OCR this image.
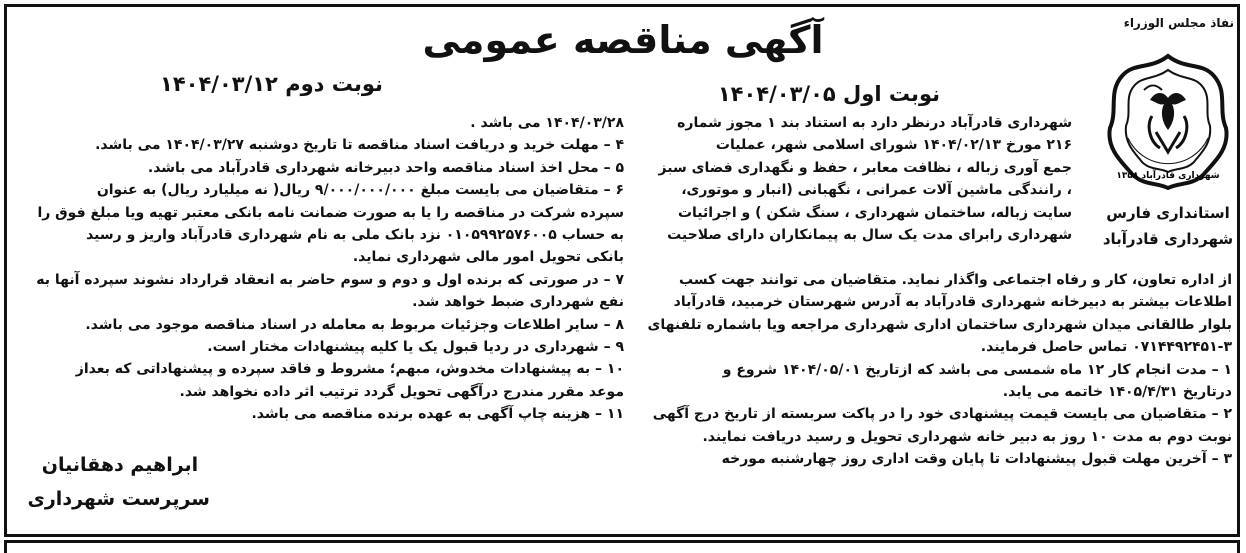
آگهی مناقصه عمومی
نوبت اول ۱۴۰۴/۰۳/۰۵
نوبت دوم ۱۴۰۴/۰۳/۱۲
نفاذ مجلس الوزراء
شهرداری قادرآباد ۱۳۵۸
استانداری فارس
شهرداری قادرآباد
شهرداری قادرآباد درنظر دارد به استناد بند ۱ مجوز شماره
۲۱۶ مورخ ۱۴۰۴/۰۲/۱۳ شورای اسلامی شهر، عملیات
جمع آوری زباله ، نظافت معابر ، حفظ و نگهداری فضای سبز
، رانندگی ماشین آلات عمرانی ، نگهبانی (انبار و موتوری،
سایت زباله، ساختمان شهرداری ، سنگ شکن ) و اجرائیات
شهرداری رابرای مدت یک سال به پیمانکاران دارای صلاحیت
از اداره تعاون، کار و رفاه اجتماعی واگذار نماید. متقاضیان می توانند جهت کسب
اطلاعات بیشتر به دبیرخانه شهرداری قادرآباد به آدرس شهرستان خرمبید، قادرآباد
بلوار طالقانی میدان شهرداری ساختمان اداری شهرداری مراجعه ویا باشماره تلفنهای
۰۷۱۴۴۹۲۴۵۱-۳ تماس حاصل فرمایند.
۱ – مدت انجام کار ۱۲ ماه شمسی می باشد که ازتاریخ ۱۴۰۴/۰۵/۰۱ شروع و
درتاریخ ۱۴۰۵/۴/۳۱ خاتمه می یابد.
۲ – متقاضیان می بایست قیمت پیشنهادی خود را در پاکت سربسته از تاریخ درج آگهی
نوبت دوم به مدت ۱۰ روز به دبیر خانه شهرداری تحویل و رسید دریافت نمایند.
۳ – آخرین مهلت قبول پیشنهادات تا پایان وقت اداری روز چهارشنبه مورخه
۱۴۰۴/۰۳/۲۸ می باشد .
۴ – مهلت خرید و دریافت اسناد مناقصه تا تاریخ دوشنبه ۱۴۰۴/۰۳/۲۷ می باشد.
۵ – محل اخذ اسناد مناقصه واحد دبیرخانه شهرداری قادرآباد می باشد.
۶ – متقاضیان می بایست مبلغ ۹/۰۰۰/۰۰۰/۰۰۰ ریال( نه میلیارد ریال) به عنوان
سپرده شرکت در مناقصه را یا به صورت ضمانت نامه بانکی معتبر تهیه ویا مبلغ فوق را
به حساب ۰۱۰۵۹۹۲۵۷۶۰۰۵ نزد بانک ملی به نام شهرداری قادرآباد واریز و رسید
بانکی تحویل امور مالی شهرداری نماید.
۷ – در صورتی که برنده اول و دوم و سوم حاضر به انعقاد قرارداد نشوند سپرده آنها به
نفع شهرداری ضبط خواهد شد.
۸ – سایر اطلاعات وجزئیات مربوط به معامله در اسناد مناقصه موجود می باشد.
۹ – شهرداری در ردیا قبول یک یا کلیه پیشنهادات مختار است.
۱۰ – به پیشنهادات مخدوش، مبهم؛ مشروط و فاقد سپرده و پیشنهاداتی که بعداز
موعد مقرر مندرج درآگهی تحویل گردد ترتیب اثر داده نخواهد شد.
۱۱ – هزینه چاپ آگهی به عهده برنده مناقصه می باشد.
ابراهیم دهقانیان
سرپرست شهرداری
